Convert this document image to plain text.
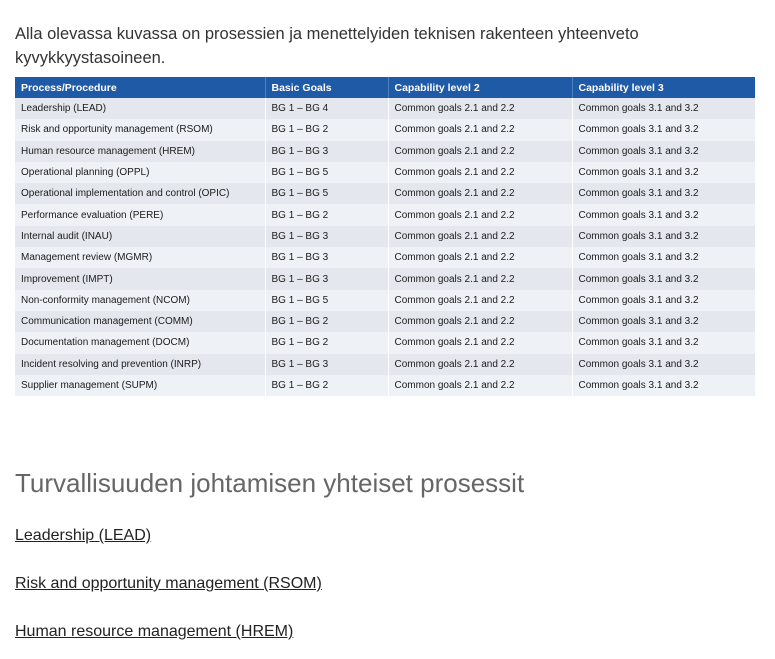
Alla olevassa kuvassa on prosessien ja menettelyiden teknisen rakenteen yhteenveto kyvykkyystasoineen.

Process/Procedure	Basic Goals	Capability level 2	Capability level 3
Leadership (LEAD)	BG 1 – BG 4	Common goals 2.1 and 2.2	Common goals 3.1 and 3.2
Risk and opportunity management (RSOM)	BG 1 – BG 2	Common goals 2.1 and 2.2	Common goals 3.1 and 3.2
Human resource management (HREM)	BG 1 – BG 3	Common goals 2.1 and 2.2	Common goals 3.1 and 3.2
Operational planning (OPPL)	BG 1 – BG 5	Common goals 2.1 and 2.2	Common goals 3.1 and 3.2
Operational implementation and control (OPIC)	BG 1 – BG 5	Common goals 2.1 and 2.2	Common goals 3.1 and 3.2
Performance evaluation (PERE)	BG 1 – BG 2	Common goals 2.1 and 2.2	Common goals 3.1 and 3.2
Internal audit (INAU)	BG 1 – BG 3	Common goals 2.1 and 2.2	Common goals 3.1 and 3.2
Management review (MGMR)	BG 1 – BG 3	Common goals 2.1 and 2.2	Common goals 3.1 and 3.2
Improvement (IMPT)	BG 1 – BG 3	Common goals 2.1 and 2.2	Common goals 3.1 and 3.2
Non-conformity management (NCOM)	BG 1 – BG 5	Common goals 2.1 and 2.2	Common goals 3.1 and 3.2
Communication management (COMM)	BG 1 – BG 2	Common goals 2.1 and 2.2	Common goals 3.1 and 3.2
Documentation management (DOCM)	BG 1 – BG 2	Common goals 2.1 and 2.2	Common goals 3.1 and 3.2
Incident resolving and prevention (INRP)	BG 1 – BG 3	Common goals 2.1 and 2.2	Common goals 3.1 and 3.2
Supplier management (SUPM)	BG 1 – BG 2	Common goals 2.1 and 2.2	Common goals 3.1 and 3.2
Turvallisuuden johtamisen yhteiset prosessit
Leadership (LEAD)
Risk and opportunity management (RSOM)
Human resource management (HREM)
